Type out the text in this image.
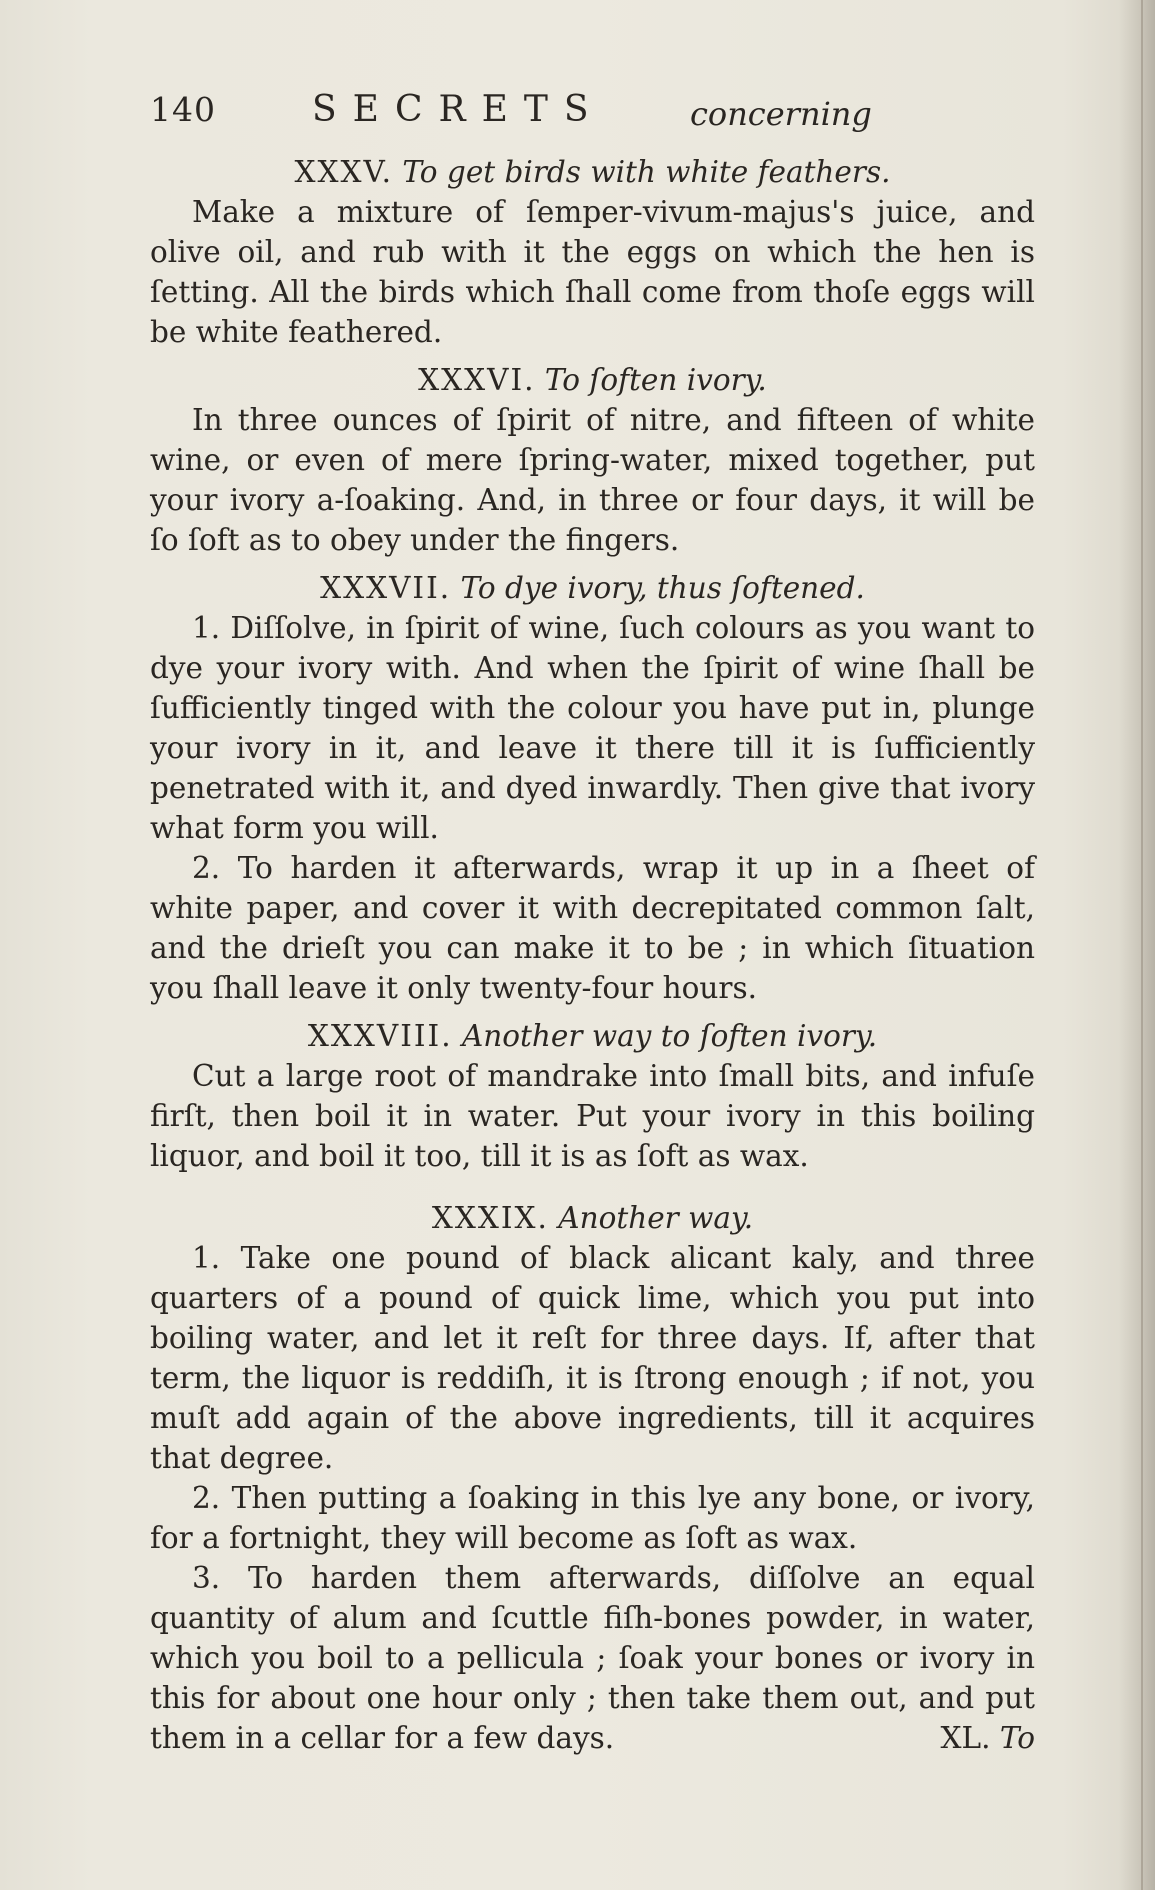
140	SECRETS	concerning

XXXV. To get birds with white feathers.

Make a mixture of ſemper-vivum-majus's juice, and olive oil, and rub with it the eggs on which the hen is ſetting. All the birds which ſhall come from thoſe eggs will be white feathered.

XXXVI. To ſoften ivory.

In three ounces of ſpirit of nitre, and fifteen of white wine, or even of mere ſpring-water, mixed together, put your ivory a-ſoaking. And, in three or four days, it will be ſo ſoft as to obey under the fingers.

XXXVII. To dye ivory, thus ſoftened.

1. Diſſolve, in ſpirit of wine, ſuch colours as you want to dye your ivory with. And when the ſpirit of wine ſhall be ſufficiently tinged with the colour you have put in, plunge your ivory in it, and leave it there till it is ſufficiently penetrated with it, and dyed inwardly. Then give that ivory what form you will.

2. To harden it afterwards, wrap it up in a ſheet of white paper, and cover it with decrepitated common ſalt, and the drieſt you can make it to be ; in which ſituation you ſhall leave it only twenty-four hours.

XXXVIII. Another way to ſoften ivory.

Cut a large root of mandrake into ſmall bits, and infuſe firſt, then boil it in water. Put your ivory in this boiling liquor, and boil it too, till it is as ſoft as wax.

XXXIX. Another way.

1. Take one pound of black alicant kaly, and three quarters of a pound of quick lime, which you put into boiling water, and let it reſt for three days. If, after that term, the liquor is reddiſh, it is ſtrong enough ; if not, you muſt add again of the above ingredients, till it acquires that degree.

2. Then putting a ſoaking in this lye any bone, or ivory, for a fortnight, they will become as ſoft as wax.

3. To harden them afterwards, diſſolve an equal quantity of alum and ſcuttle fiſh-bones powder, in water, which you boil to a pellicula ; ſoak your bones or ivory in this for about one hour only ; then take them out, and put them in a cellar for a few days.	XL. To
